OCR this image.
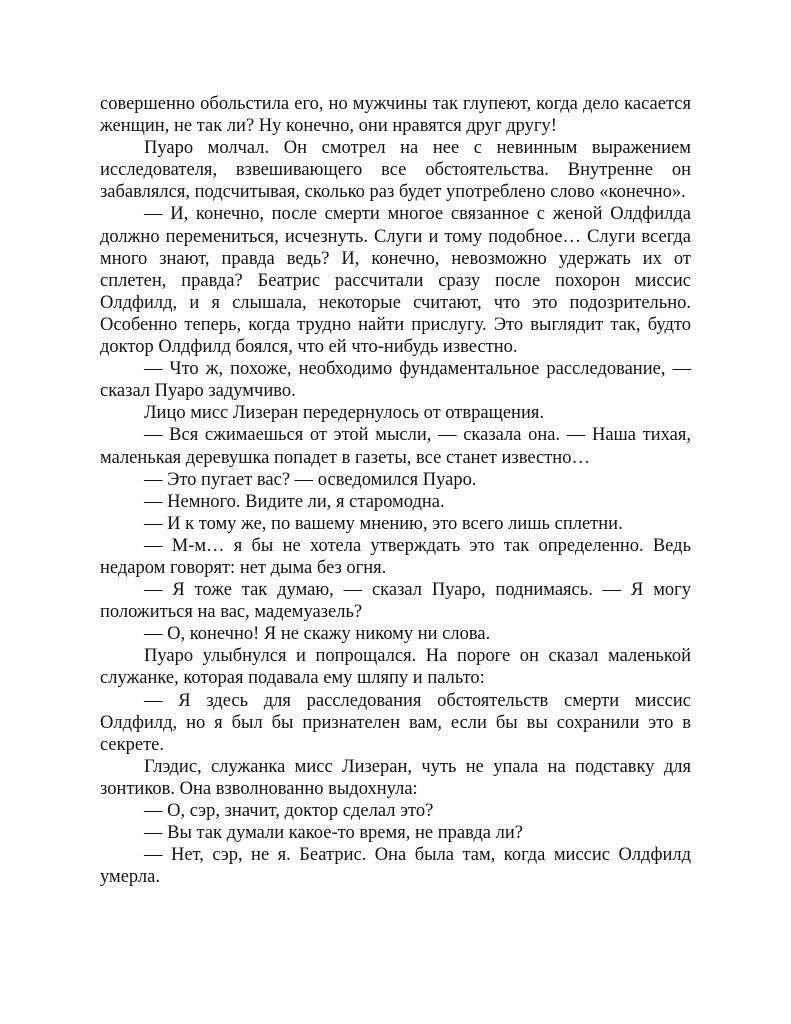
совершенно обольстила его, но мужчины так глупеют, когда дело касается женщин, не так ли? Ну конечно, они нравятся друг другу!

Пуаро молчал. Он смотрел на нее с невинным выражением исследователя, взвешивающего все обстоятельства. Внутренне он забавлялся, подсчитывая, сколько раз будет употреблено слово «конечно».

— И, конечно, после смерти многое связанное с женой Олдфилда должно перемениться, исчезнуть. Слуги и тому подобное… Слуги всегда много знают, правда ведь? И, конечно, невозможно удержать их от сплетен, правда? Беатрис рассчитали сразу после похорон миссис Олдфилд, и я слышала, некоторые считают, что это подозрительно. Особенно теперь, когда трудно найти прислугу. Это выглядит так, будто доктор Олдфилд боялся, что ей что-нибудь известно.

— Что ж, похоже, необходимо фундаментальное расследование, — сказал Пуаро задумчиво.

Лицо мисс Лизеран передернулось от отвращения.

— Вся сжимаешься от этой мысли, — сказала она. — Наша тихая, маленькая деревушка попадет в газеты, все станет известно…

— Это пугает вас? — осведомился Пуаро.

— Немного. Видите ли, я старомодна.

— И к тому же, по вашему мнению, это всего лишь сплетни.

— М-м… я бы не хотела утверждать это так определенно. Ведь недаром говорят: нет дыма без огня.

— Я тоже так думаю, — сказал Пуаро, поднимаясь. — Я могу положиться на вас, мадемуазель?

— О, конечно! Я не скажу никому ни слова.

Пуаро улыбнулся и попрощался. На пороге он сказал маленькой служанке, которая подавала ему шляпу и пальто:

— Я здесь для расследования обстоятельств смерти миссис Олдфилд, но я был бы признателен вам, если бы вы сохранили это в секрете.

Глэдис, служанка мисс Лизеран, чуть не упала на подставку для зонтиков. Она взволнованно выдохнула:

— О, сэр, значит, доктор сделал это?

— Вы так думали какое-то время, не правда ли?

— Нет, сэр, не я. Беатрис. Она была там, когда миссис Олдфилд умерла.
